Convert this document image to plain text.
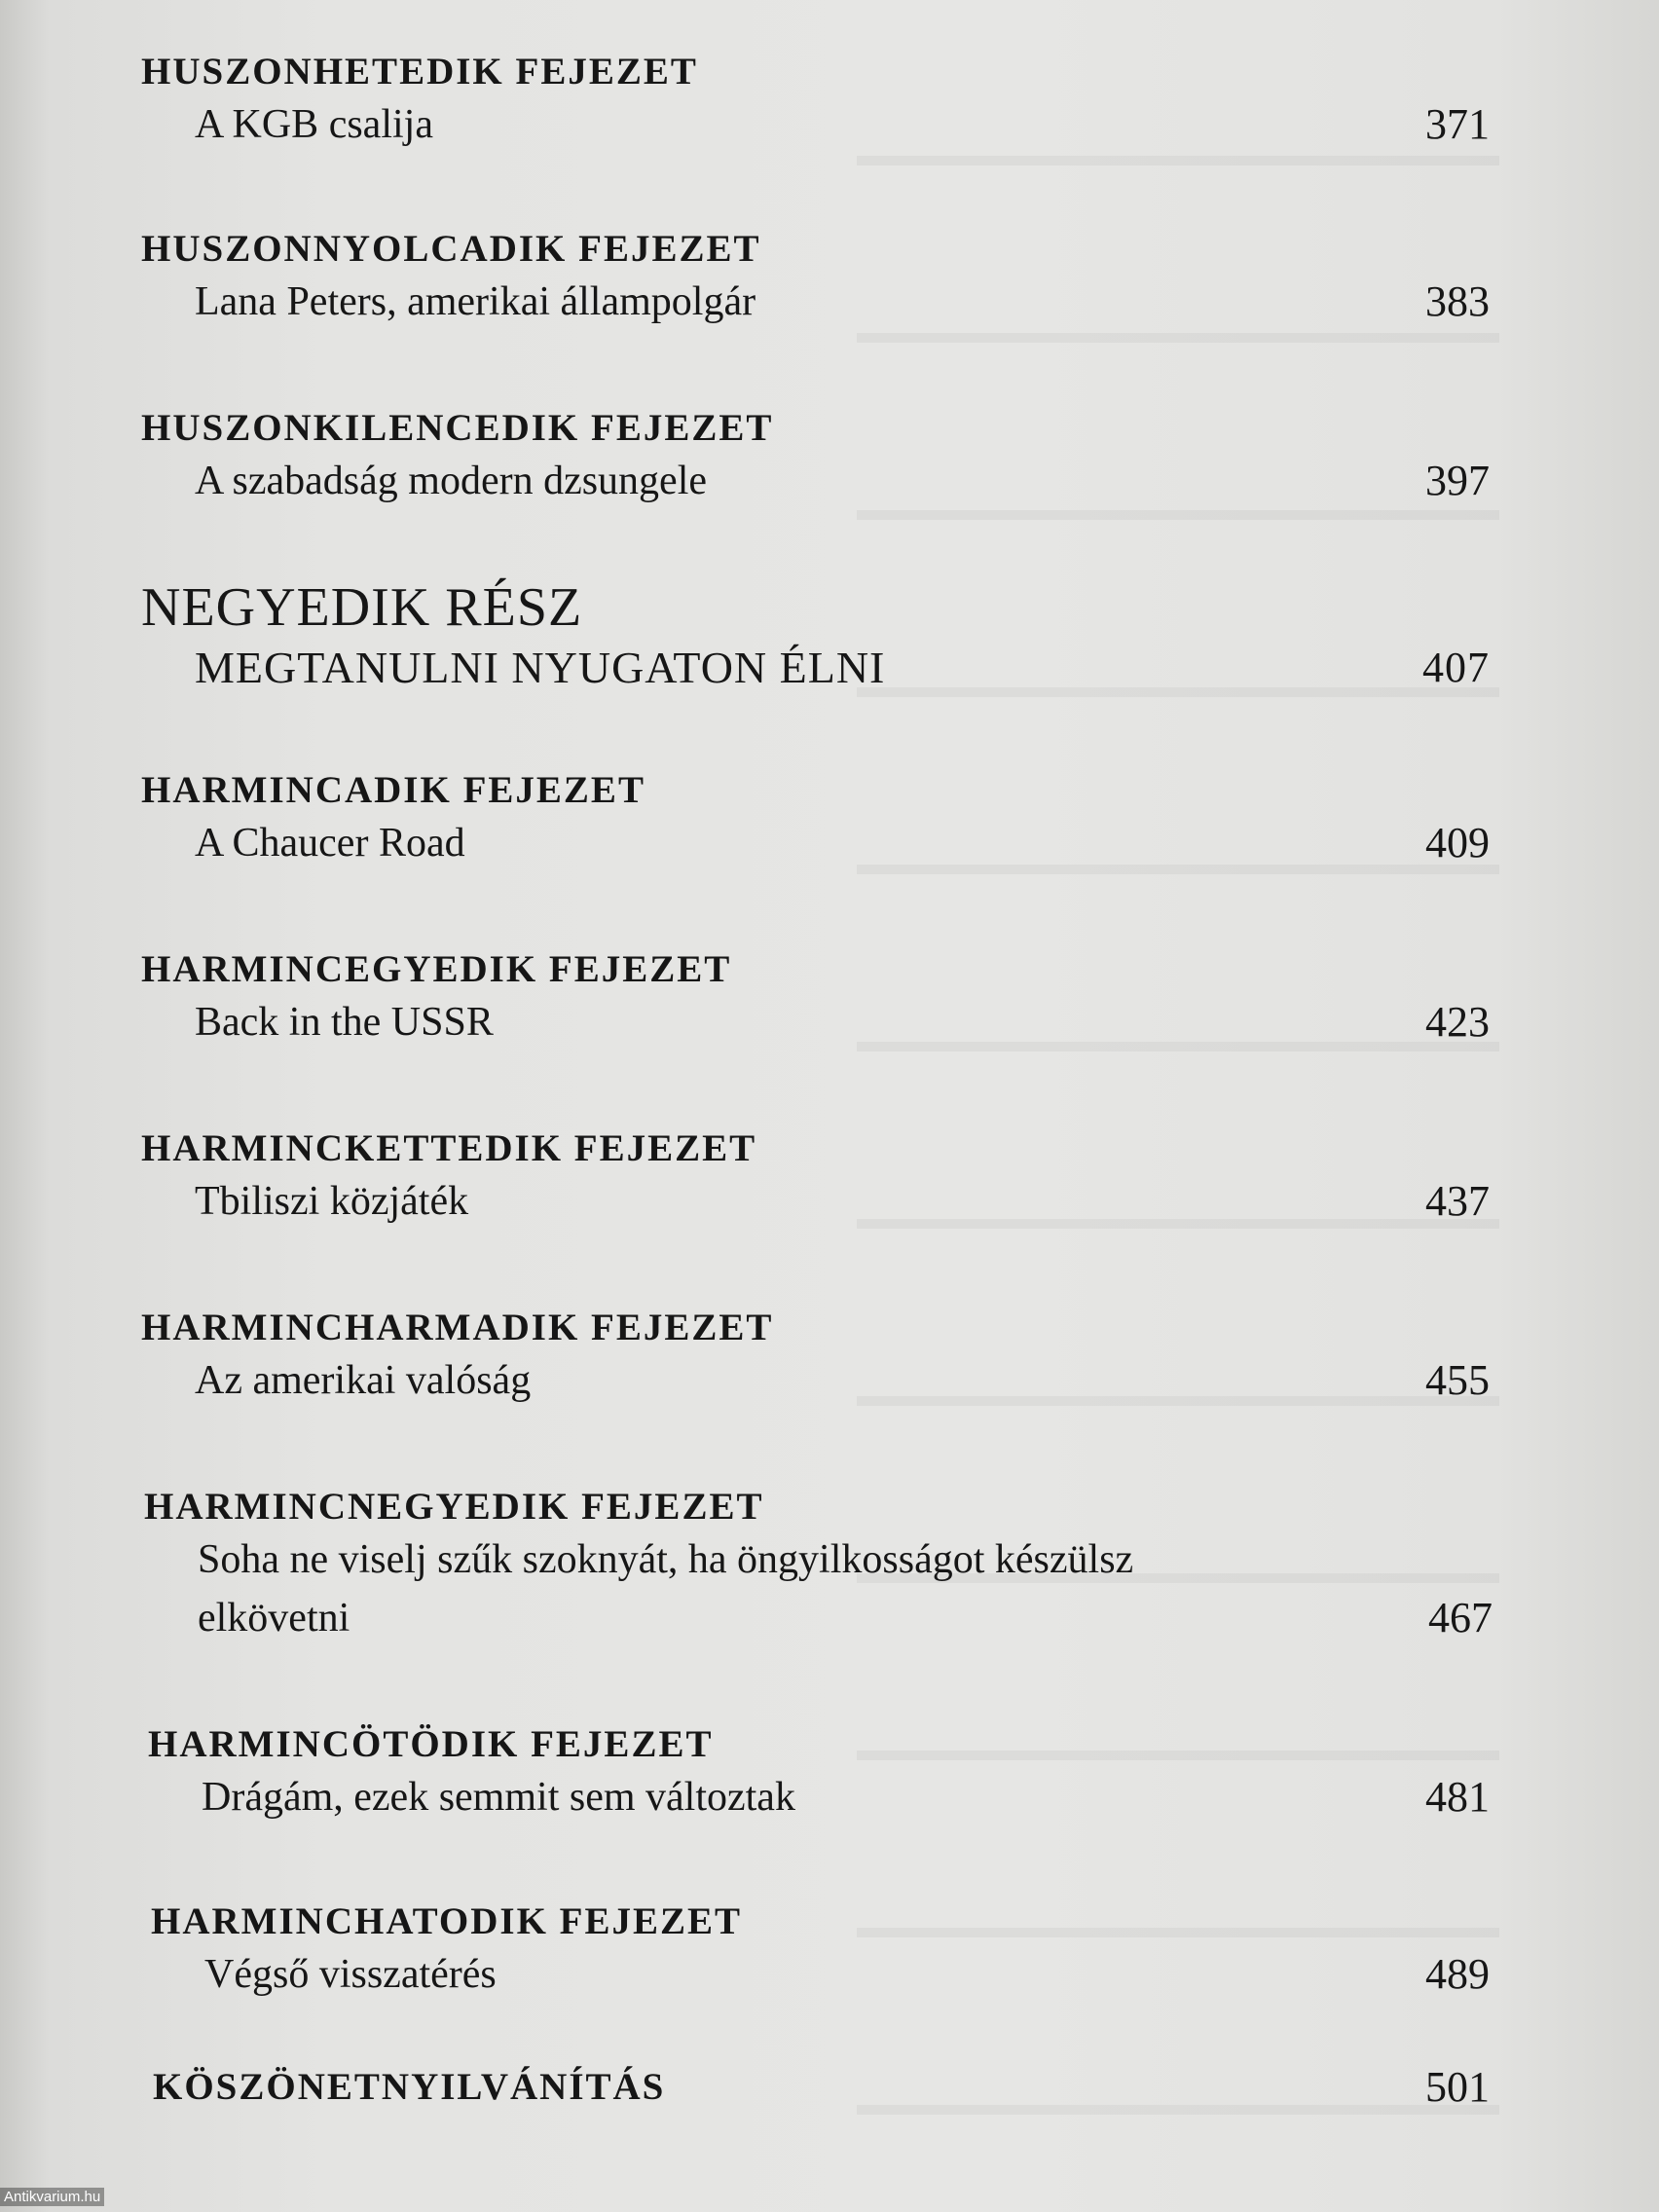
HUSZONHETEDIK FEJEZET
A KGB csalija	371
HUSZONNYOLCADIK FEJEZET
Lana Peters, amerikai állampolgár	383
HUSZONKILENCEDIK FEJEZET
A szabadság modern dzsungele	397
NEGYEDIK RÉSZ
MEGTANULNI NYUGATON ÉLNI	407
HARMINCADIK FEJEZET
A Chaucer Road	409
HARMINCEGYEDIK FEJEZET
Back in the USSR	423
HARMINCKETTEDIK FEJEZET
Tbiliszi közjáték	437
HARMINCHARMADIK FEJEZET
Az amerikai valóság	455
HARMINCNEGYEDIK FEJEZET
Soha ne viselj szűk szoknyát, ha öngyilkosságot készülsz elkövetni	467
HARMINCÖTÖDIK FEJEZET
Drágám, ezek semmit sem változtak	481
HARMINCHATODIK FEJEZET
Végső visszatérés	489
KÖSZÖNETNYILVÁNÍTÁS	501
Antikvarium.hu
